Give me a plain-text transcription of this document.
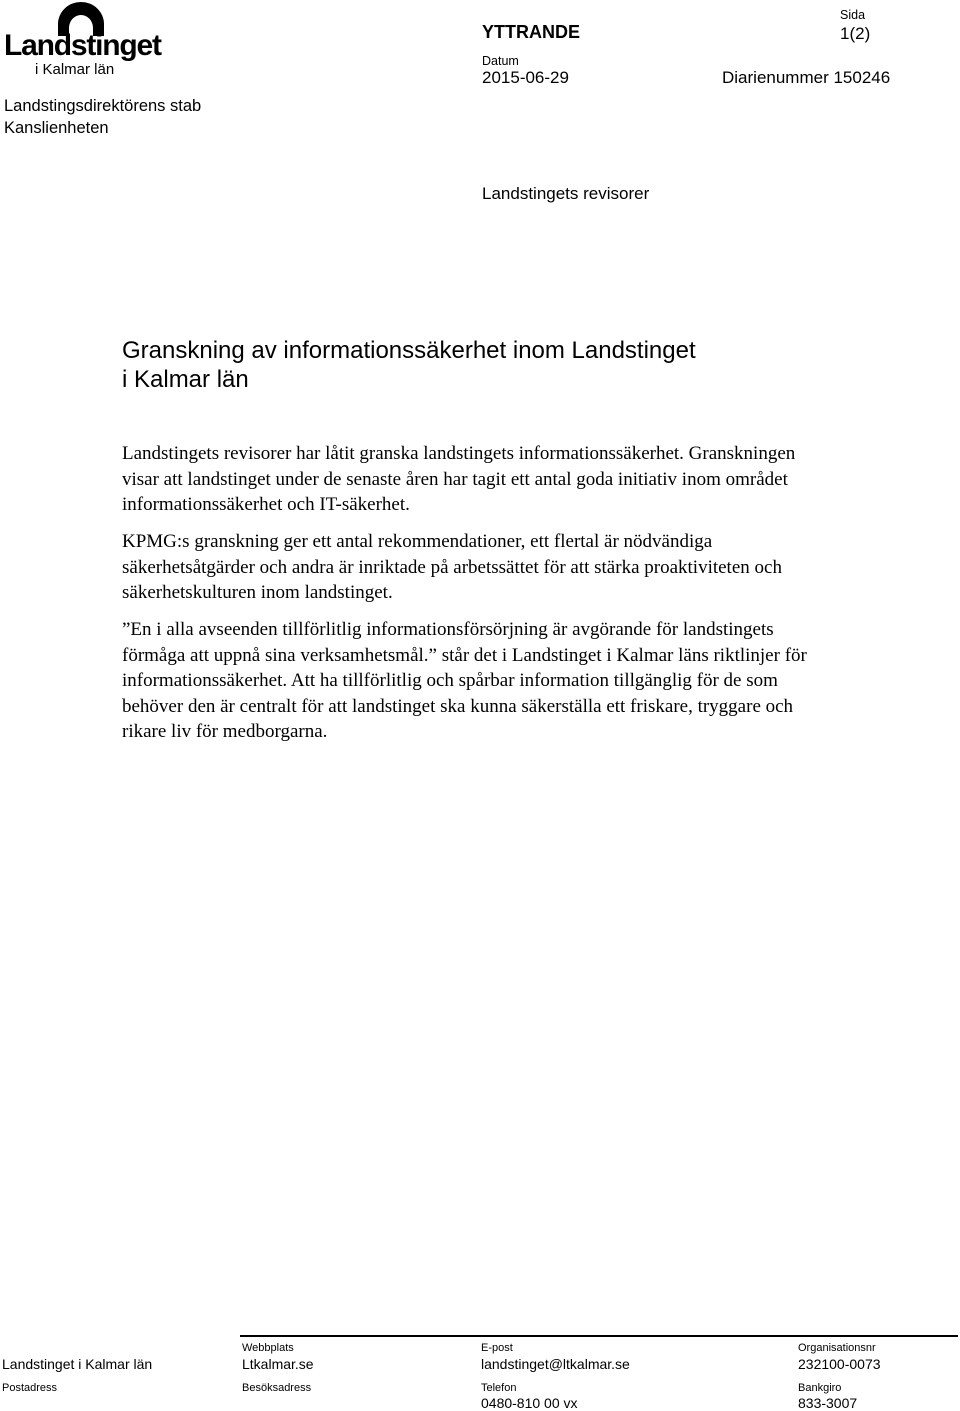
Landstinget
i Kalmar län
Landstingsdirektörens stab
Kanslienheten
YTTRANDE
Sida
1(2)
Datum
2015-06-29	Diarienummer 150246
Landstingets revisorer
Granskning av informationssäkerhet inom Landstinget
i Kalmar län

Landstingets revisorer har låtit granska landstingets informationssäkerhet. Granskningen visar att landstinget under de senaste åren har tagit ett antal goda initiativ inom området informationssäkerhet och IT-säkerhet.

KPMG:s granskning ger ett antal rekommendationer, ett flertal är nödvändiga säkerhetsåtgärder och andra är inriktade på arbetssättet för att stärka proaktiviteten och säkerhetskulturen inom landstinget.

”En i alla avseenden tillförlitlig informationsförsörjning är avgörande för landstingets förmåga att uppnå sina verksamhetsmål.” står det i Landstinget i Kalmar läns riktlinjer för informationssäkerhet. Att ha tillförlitlig och spårbar information tillgänglig för de som behöver den är centralt för att landstinget ska kunna säkerställa ett friskare, tryggare och rikare liv för medborgarna.

Landstinget i Kalmar län
Postadress
Webbplats
Ltkalmar.se
Besöksadress
E-post
landstinget@ltkalmar.se
Telefon
0480-810 00 vx
Organisationsnr
232100-0073
Bankgiro
833-3007
